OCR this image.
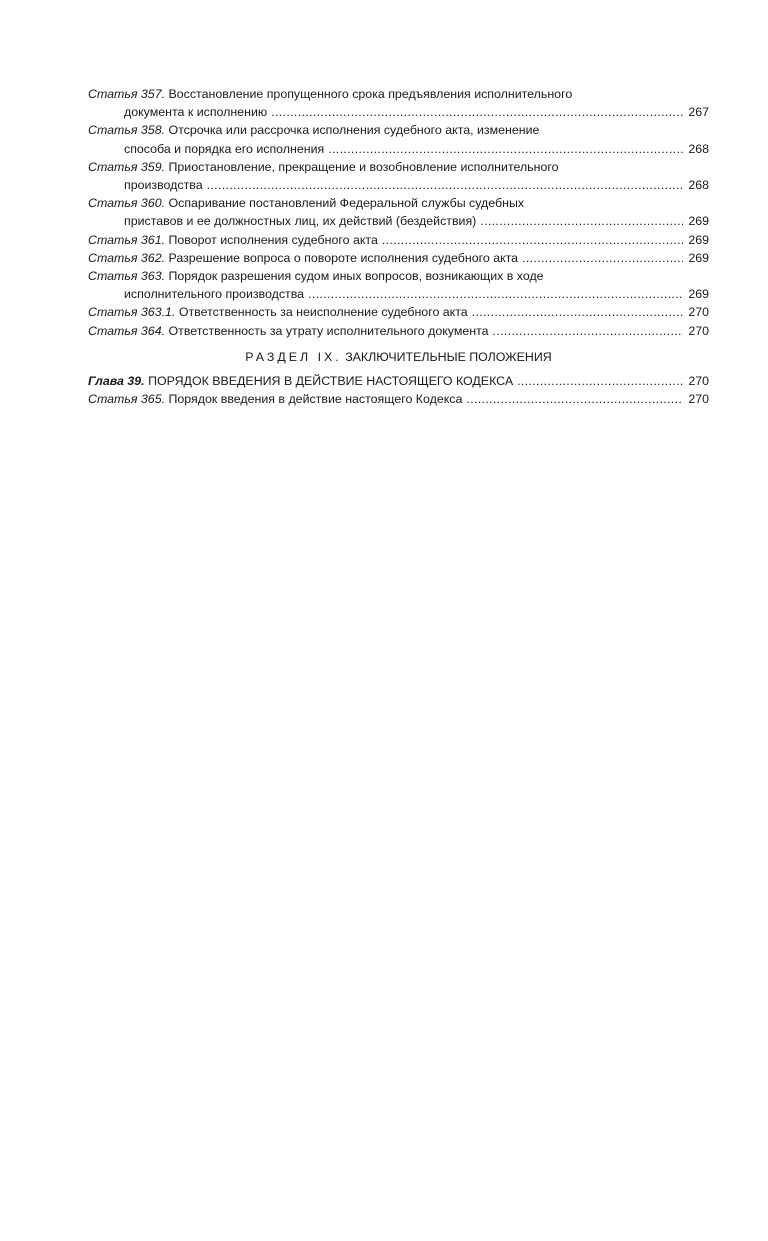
Статья 357.
Восстановление пропущенного срока предъявления исполнительного
документа к исполнению . . .	267
Статья 358.
Отсрочка или рассрочка исполнения судебного акта, изменение
способа и порядка его исполнения . . .	268
Статья 359.
Приостановление, прекращение и возобновление исполнительного
производства . . .	268
Статья 360.
Оспаривание постановлений Федеральной службы судебных
приставов и ее должностных лиц, их действий (бездействия) . . .	269
Статья 361.
Поворот исполнения судебного акта . . .	269
Статья 362.
Разрешение вопроса о повороте исполнения судебного акта . . .	269
Статья 363.
Порядок разрешения судом иных вопросов, возникающих в ходе
исполнительного производства . . .	269
Статья 363.1.
Ответственность за неисполнение судебного акта . . .	270
Статья 364.
Ответственность за утрату исполнительного документа . . .	270
РАЗДЕЛ IX. ЗАКЛЮЧИТЕЛЬНЫЕ ПОЛОЖЕНИЯ
Глава 39.
ПОРЯДОК ВВЕДЕНИЯ В ДЕЙСТВИЕ НАСТОЯЩЕГО КОДЕКСА . . .	270
Статья 365.
Порядок введения в действие настоящего Кодекса . . .	270
